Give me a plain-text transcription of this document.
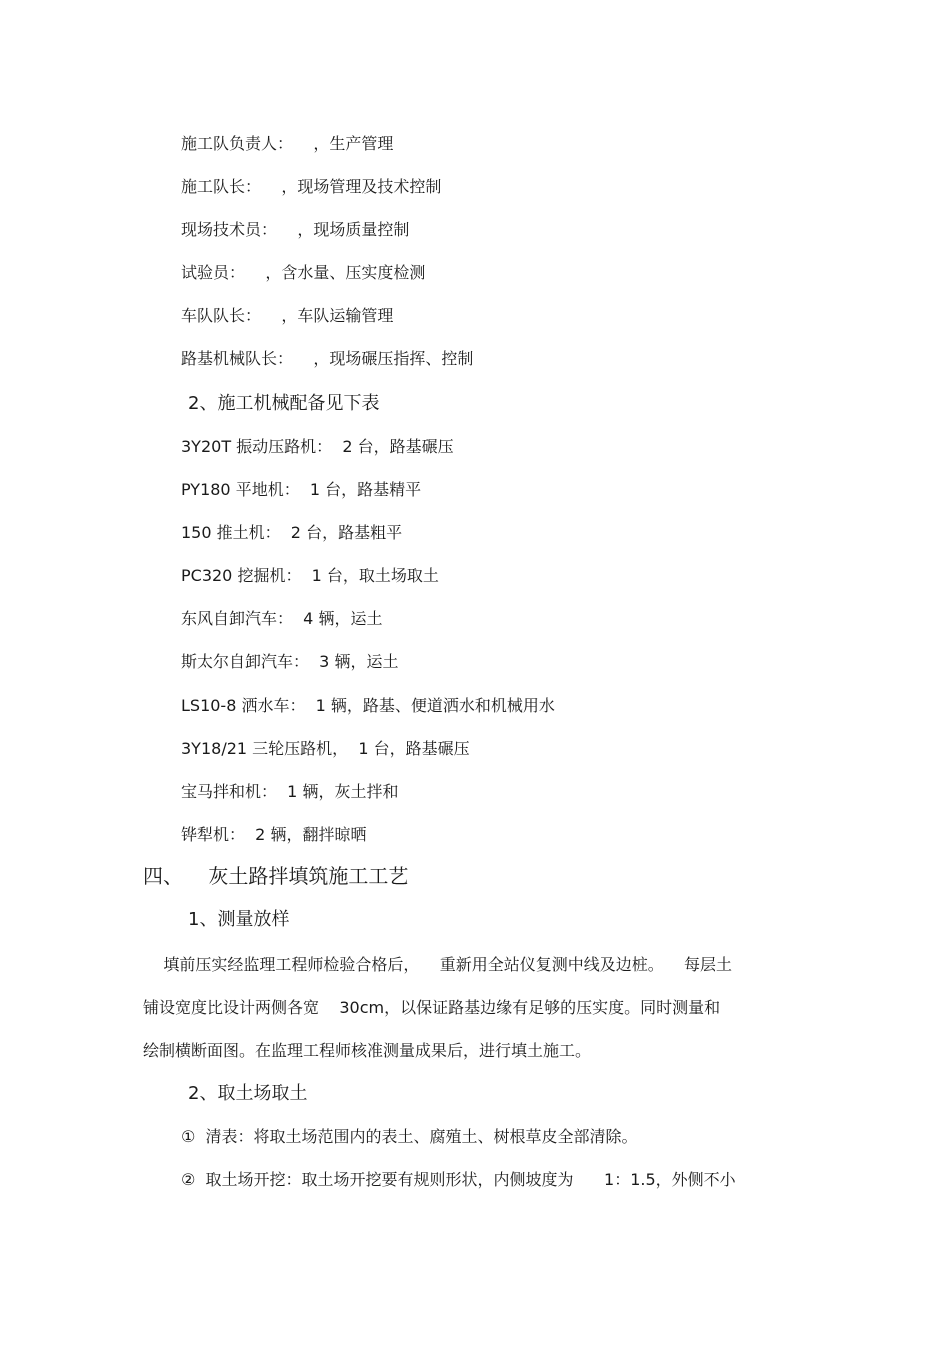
施工队负责人：    ，生产管理
施工队长：    ，现场管理及技术控制
现场技术员：    ，现场质量控制
试验员：    ，含水量、压实度检测
车队队长：    ，车队运输管理
路基机械队长：    ，现场碾压指挥、控制
2、施工机械配备见下表
3Y20T 振动压路机：  2 台，路基碾压
PY180 平地机：  1 台，路基精平
150 推土机：  2 台，路基粗平
PC320 挖掘机：  1 台，取土场取土
东风自卸汽车：  4 辆，运土
斯太尔自卸汽车：  3 辆，运土
LS10-8 洒水车：  1 辆，路基、便道洒水和机械用水
3Y18/21 三轮压路机，  1 台，路基碾压
宝马拌和机：  1 辆，灰土拌和
铧犁机：  2 辆，翻拌晾晒
四、    灰土路拌填筑施工工艺
1、测量放样
填前压实经监理工程师检验合格后，    重新用全站仪复测中线及边桩。    每层土
铺设宽度比设计两侧各宽    30cm，以保证路基边缘有足够的压实度。同时测量和
绘制横断面图。在监理工程师核准测量成果后，进行填土施工。
2、取土场取土
①  清表：将取土场范围内的表土、腐殖土、树根草皮全部清除。
②  取土场开挖：取土场开挖要有规则形状，内侧坡度为      1：1.5，外侧不小
